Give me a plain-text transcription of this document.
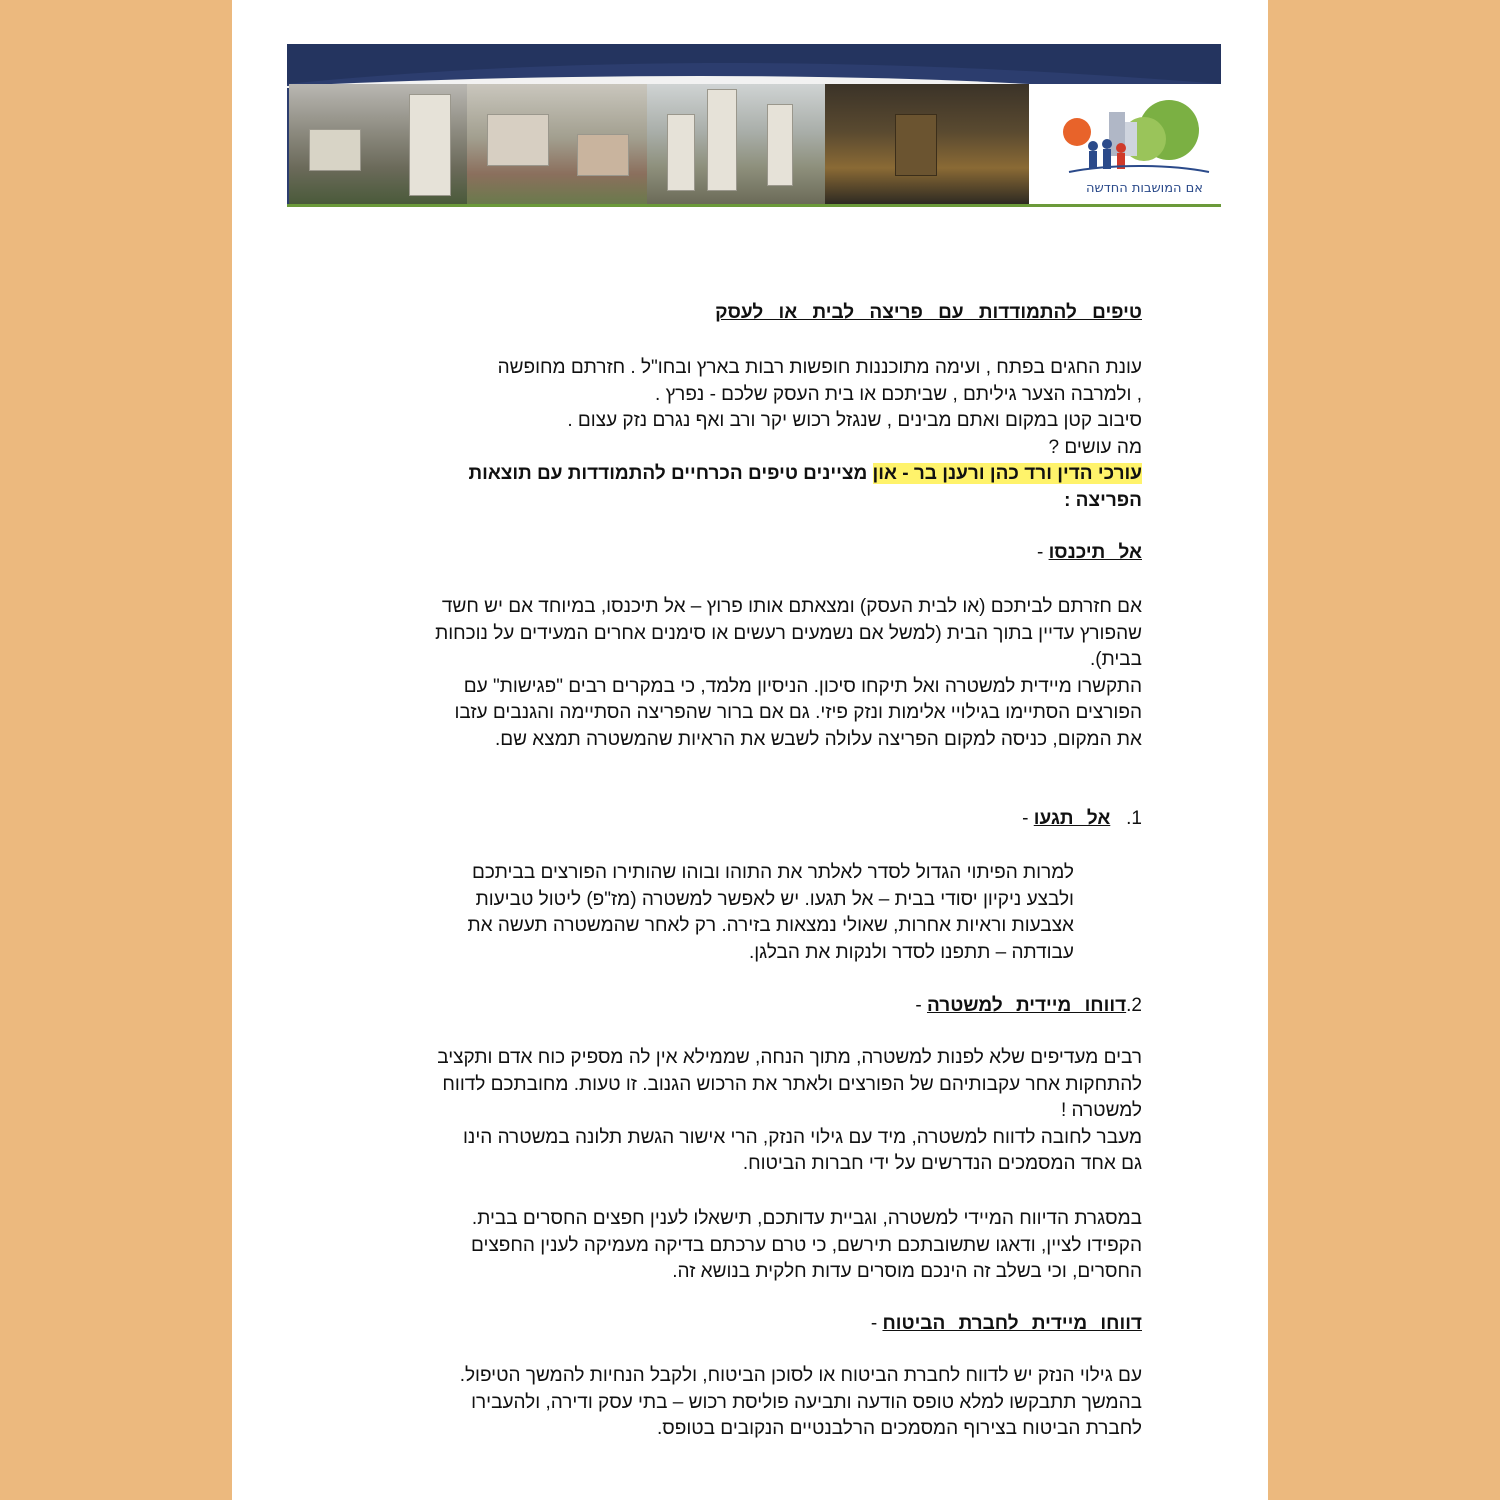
אם המושבות החדשה

טיפים להתמודדות עם פריצה לבית או לעסק

עונת החגים בפתח , ועימה מתוכננות חופשות רבות בארץ ובחו"ל . חזרתם מחופשה
, ולמרבה הצער גיליתם , שביתכם או בית העסק שלכם - נפרץ .
סיבוב קטן במקום ואתם מבינים , שנגזל רכוש יקר ורב ואף נגרם נזק עצום .
מה עושים ?
עורכי הדין ורד כהן ורענן בר - און מציינים טיפים הכרחיים להתמודדות עם תוצאות
הפריצה :

אל תיכנסו -

אם חזרתם לביתכם (או לבית העסק) ומצאתם אותו פרוץ – אל תיכנסו, במיוחד אם יש חשד
שהפורץ עדיין בתוך הבית (למשל אם נשמעים רעשים או סימנים אחרים המעידים על נוכחות
בבית).
התקשרו מיידית למשטרה ואל תיקחו סיכון. הניסיון מלמד, כי במקרים רבים "פגישות" עם
הפורצים הסתיימו בגילויי אלימות ונזק פיזי. גם אם ברור שהפריצה הסתיימה והגנבים עזבו
את המקום, כניסה למקום הפריצה עלולה לשבש את הראיות שהמשטרה תמצא שם.

1.   אל תגעו -

למרות הפיתוי הגדול לסדר לאלתר את התוהו ובוהו שהותירו הפורצים בביתכם
ולבצע ניקיון יסודי בבית – אל תגעו. יש לאפשר למשטרה (מז"פ) ליטול טביעות
אצבעות וראיות אחרות, שאולי נמצאות בזירה. רק לאחר שהמשטרה תעשה את
עבודתה – תתפנו לסדר ולנקות את הבלגן.

2.דווחו מיידית למשטרה -

רבים מעדיפים שלא לפנות למשטרה, מתוך הנחה, שממילא אין לה מספיק כוח אדם ותקציב
להתחקות אחר עקבותיהם של הפורצים ולאתר את הרכוש הגנוב. זו טעות. מחובתכם לדווח
למשטרה !
מעבר לחובה לדווח למשטרה, מיד עם גילוי הנזק, הרי אישור הגשת תלונה במשטרה הינו
גם אחד המסמכים הנדרשים על ידי חברות הביטוח.

במסגרת הדיווח המיידי למשטרה, וגביית עדותכם, תישאלו לענין חפצים החסרים בבית.
הקפידו לציין, ודאגו שתשובתכם תירשם, כי טרם ערכתם בדיקה מעמיקה לענין החפצים
החסרים, וכי בשלב זה הינכם מוסרים עדות חלקית בנושא זה.

דווחו מיידית לחברת הביטוח -

עם גילוי הנזק יש לדווח לחברת הביטוח או לסוכן הביטוח, ולקבל הנחיות להמשך הטיפול.
בהמשך תתבקשו למלא טופס הודעה ותביעה פוליסת רכוש – בתי עסק ודירה, ולהעבירו
לחברת הביטוח בצירוף המסמכים הרלבנטיים הנקובים בטופס.
